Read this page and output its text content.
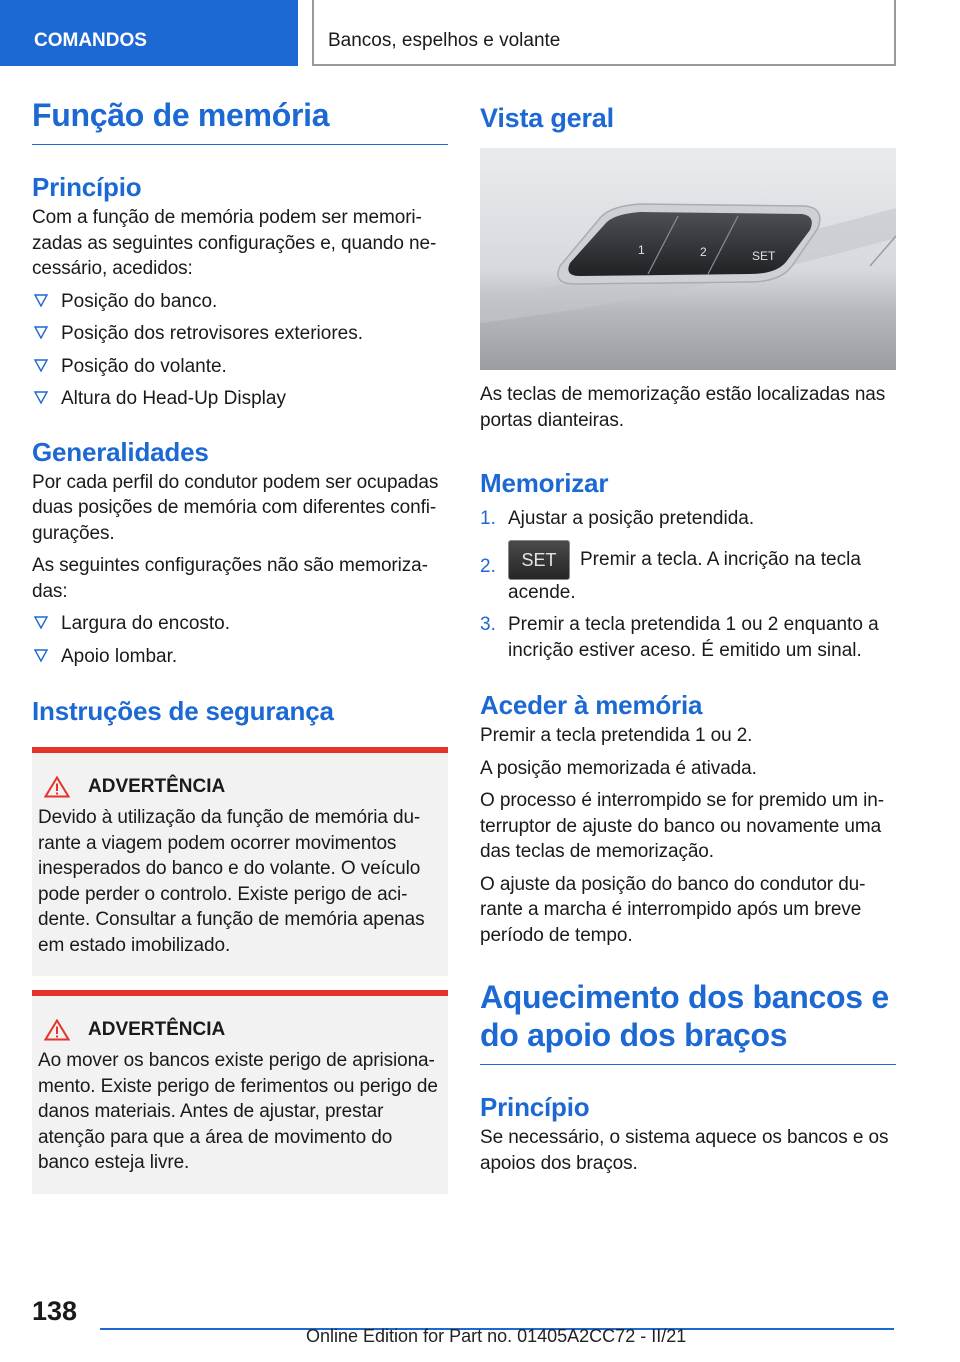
COMANDOS	Bancos, espelhos e volante
Função de memória
Princípio

Com a função de memória podem ser memori-zadas as seguintes configurações e, quando ne-cessário, acedidos:

Posição do banco.
Posição dos retrovisores exteriores.
Posição do volante.
Altura do Head-Up Display
Generalidades

Por cada perfil do condutor podem ser ocupadas duas posições de memória com diferentes confi-gurações.

As seguintes configurações não são memoriza-das:

Largura do encosto.
Apoio lombar.
Instruções de segurança
ADVERTÊNCIA

Devido à utilização da função de memória du-rante a viagem podem ocorrer movimentos inesperados do banco e do volante. O veículo pode perder o controlo. Existe perigo de aci-dente. Consultar a função de memória apenas em estado imobilizado.

ADVERTÊNCIA

Ao mover os bancos existe perigo de aprisiona-mento. Existe perigo de ferimentos ou perigo de danos materiais. Antes de ajustar, prestar atenção para que a área de movimento do banco esteja livre.

Vista geral
1	2	SET

As teclas de memorização estão localizadas nas portas dianteiras.

Memorizar
1. Ajustar a posição pretendida.
2. SET Premir a tecla. A incrição na tecla acende.
3. Premir a tecla pretendida 1 ou 2 enquanto a incrição estiver aceso. É emitido um sinal.
Aceder à memória

Premir a tecla pretendida 1 ou 2.

A posição memorizada é ativada.

O processo é interrompido se for premido um in-terruptor de ajuste do banco ou novamente uma das teclas de memorização.

O ajuste da posição do banco do condutor du-rante a marcha é interrompido após um breve período de tempo.

Aquecimento dos bancos e do apoio dos braços
Princípio

Se necessário, o sistema aquece os bancos e os apoios dos braços.

138
Online Edition for Part no. 01405A2CC72 - II/21
